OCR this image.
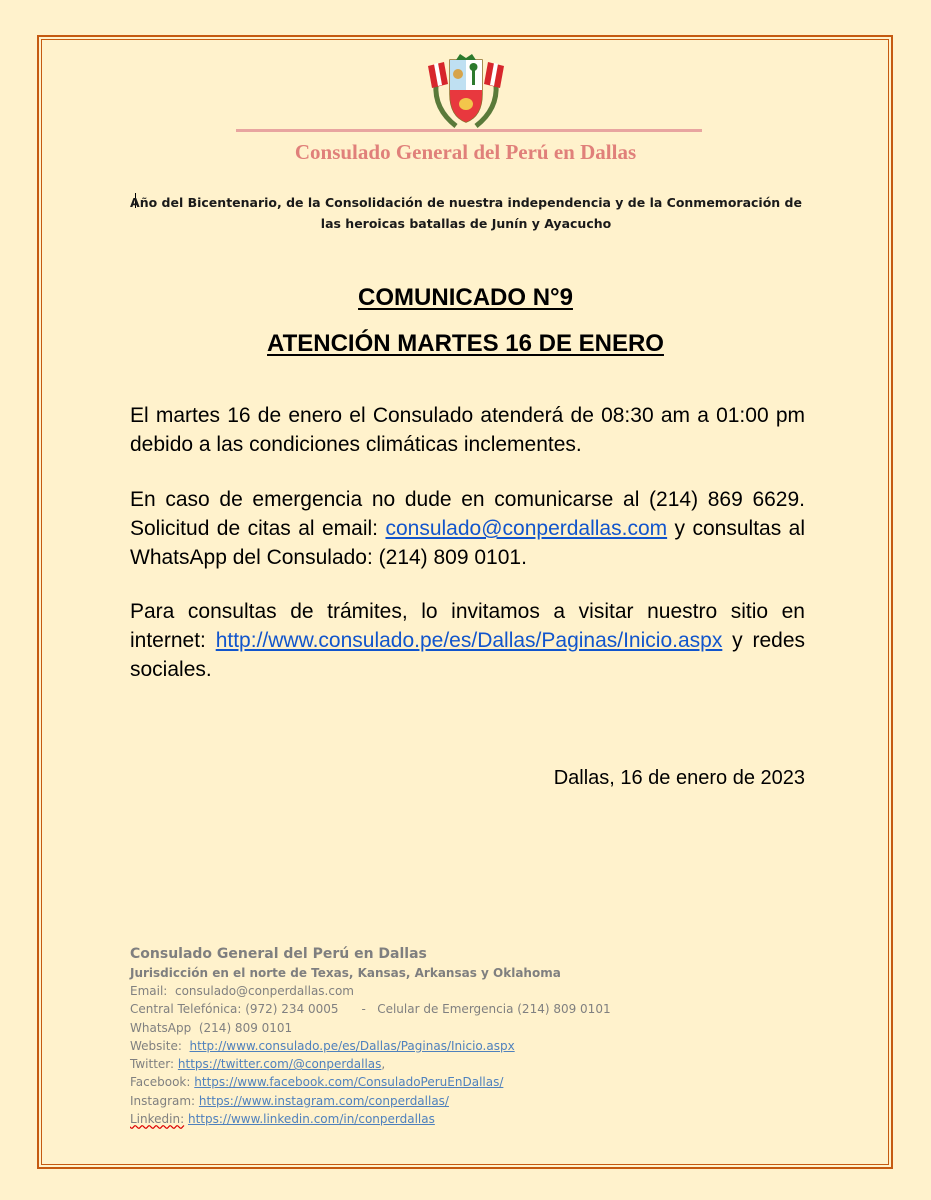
Consulado General del Perú en Dallas
Año del Bicentenario, de la Consolidación de nuestra independencia y de la Conmemoración de
las heroicas batallas de Junín y Ayacucho
COMUNICADO N°9
ATENCIÓN MARTES 16 DE ENERO

El martes 16 de enero el Consulado atenderá de 08:30 am a 01:00 pm debido a las condiciones climáticas inclementes.

En caso de emergencia no dude en comunicarse al (214) 869 6629. Solicitud de citas al email: consulado@conperdallas.com y consultas al WhatsApp del Consulado: (214) 809 0101.

Para consultas de trámites, lo invitamos a visitar nuestro sitio en internet: http://www.consulado.pe/es/Dallas/Paginas/Inicio.aspx y redes sociales.

Dallas, 16 de enero de 2023
Consulado General del Perú en Dallas
Jurisdicción en el norte de Texas, Kansas, Arkansas y Oklahoma
Email: consulado@conperdallas.com
Central Telefónica: (972) 234 0005      -   Celular de Emergencia (214) 809 0101
WhatsApp  (214) 809 0101
Website: http://www.consulado.pe/es/Dallas/Paginas/Inicio.aspx
Twitter: https://twitter.com/@conperdallas,
Facebook: https://www.facebook.com/ConsuladoPeruEnDallas/
Instagram: https://www.instagram.com/conperdallas/
Linkedin: https://www.linkedin.com/in/conperdallas
